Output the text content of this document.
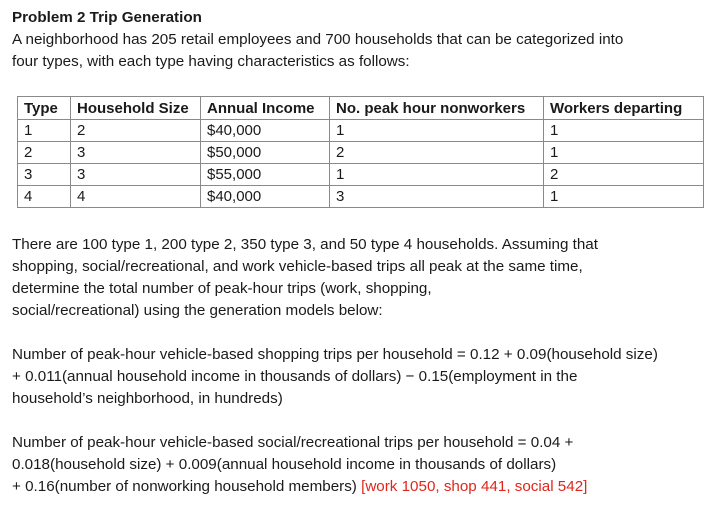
Problem 2 Trip Generation

A neighborhood has 205 retail employees and 700 households that can be categorized into

four types, with each type having characteristics as follows:

Type	Household Size	Annual Income	No. peak hour nonworkers	Workers departing
1	2	$40,000	1	1
2	3	$50,000	2	1
3	3	$55,000	1	2
4	4	$40,000	3	1

There are 100 type 1, 200 type 2, 350 type 3, and 50 type 4 households. Assuming that

shopping, social/recreational, and work vehicle-based trips all peak at the same time,

determine the total number of peak-hour trips (work, shopping,

social/recreational) using the generation models below:

Number of peak-hour vehicle-based shopping trips per household = 0.12 + 0.09(household size)

+ 0.011(annual household income in thousands of dollars) − 0.15(employment in the

household’s neighborhood, in hundreds)

Number of peak-hour vehicle-based social/recreational trips per household = 0.04 +

0.018(household size) + 0.009(annual household income in thousands of dollars)

+ 0.16(number of nonworking household members) [work 1050, shop 441, social 542]
